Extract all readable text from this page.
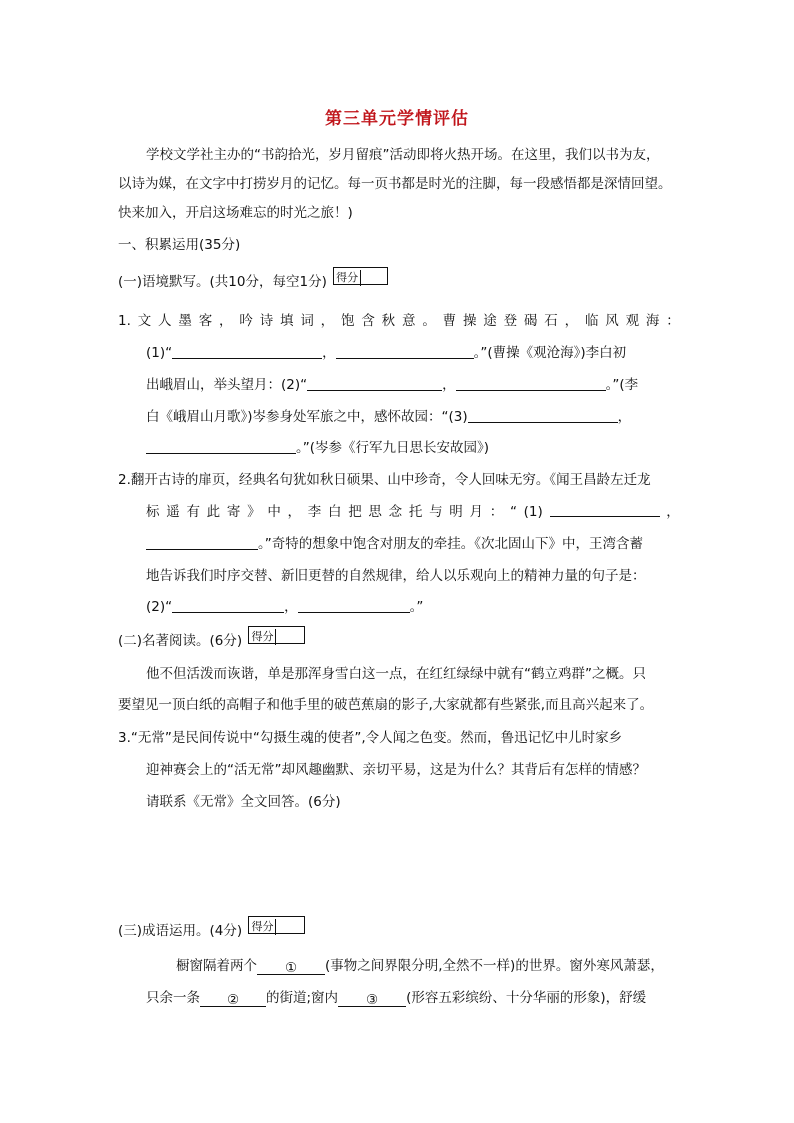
第三单元学情评估
学校文学社主办的“书韵拾光，岁月留痕”活动即将火热开场。在这里，我们以书为友，
以诗为媒，在文字中打捞岁月的记忆。每一页书都是时光的注脚，每一段感悟都是深情回望。
快来加入，开启这场难忘的时光之旅！)
一、积累运用(35分)
(一)语境默写。(共10分，每空1分) 得分
1. 文 人 墨 客 ， 吟 诗 填 词 ， 饱 含 秋 意 。 曹 操 途 登 碣 石 ， 临 风 观 海 ：
(1)“	，	。”(曹操《观沧海》)李白初
出峨眉山，举头望月：(2)“	，	。”(李
白《峨眉山月歌》)岑参身处军旅之中，感怀故园：“(3)	，
。”(岑参《行军九日思长安故园》)
2.翻开古诗的扉页，经典名句犹如秋日硕果、山中珍奇，令人回味无穷。《闻王昌龄左迁龙
标 遥 有 此 寄 》 中 ， 李 白 把 思 念 托 与 明 月 ： “ (1)	，
。”奇特的想象中饱含对朋友的牵挂。《次北固山下》中，王湾含蓄
地告诉我们时序交替、新旧更替的自然规律，给人以乐观向上的精神力量的句子是：
(2)“	，	。”
(二)名著阅读。(6分) 得分
他不但活泼而诙谐，单是那浑身雪白这一点，在红红绿绿中就有“鹤立鸡群”之概。只
要望见一顶白纸的高帽子和他手里的破芭蕉扇的影子,大家就都有些紧张,而且高兴起来了。
3.“无常”是民间传说中“勾摄生魂的使者”,令人闻之色变。然而，鲁迅记忆中儿时家乡
迎神赛会上的“活无常”却风趣幽默、亲切平易，这是为什么？其背后有怎样的情感？
请联系《无常》全文回答。(6分)
(三)成语运用。(4分) 得分
橱窗隔着两个 ① (事物之间界限分明,全然不一样)的世界。窗外寒风萧瑟，
只余一条 ② 的街道;窗内 ③ (形容五彩缤纷、十分华丽的形象)，舒缓
